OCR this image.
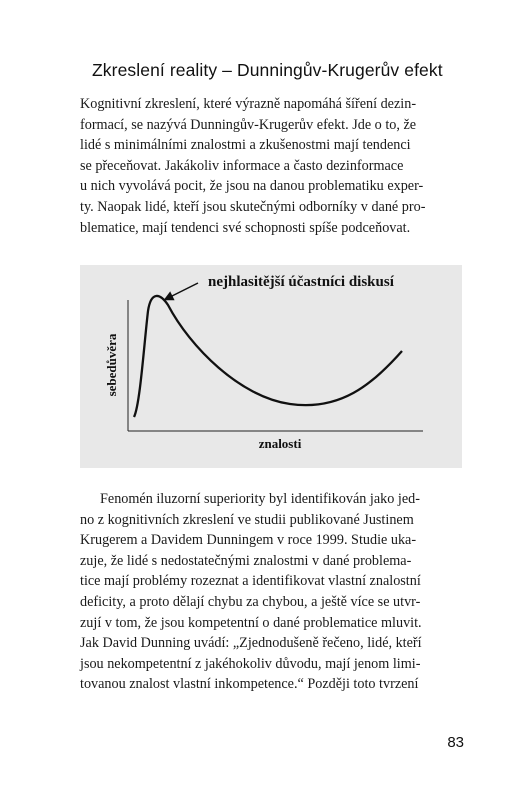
Zkreslení reality – Dunningův-Krugerův efekt

Kognitivní zkreslení, které výrazně napomáhá šíření dezin-
formací, se nazývá Dunningův-Krugerův efekt. Jde o to, že
lidé s minimálními znalostmi a zkušenostmi mají tendenci
se přeceňovat. Jakákoliv informace a často dezinformace
u nich vyvolává pocit, že jsou na danou problematiku exper-
ty. Naopak lidé, kteří jsou skutečnými odborníky v dané pro-
blematice, mají tendenci své schopnosti spíše podceňovat.

nejhlasitější účastníci diskusí
sebedůvěra
znalosti

Fenomén iluzorní superiority byl identifikován jako jed-
no z kognitivních zkreslení ve studii publikované Justinem
Krugerem a Davidem Dunningem v roce 1999. Studie uka-
zuje, že lidé s nedostatečnými znalostmi v dané problema-
tice mají problémy rozeznat a identifikovat vlastní znalostní
deficity, a proto dělají chybu za chybou, a ještě více se utvr-
zují v tom, že jsou kompetentní o dané problematice mluvit.
Jak David Dunning uvádí: „Zjednodušeně řečeno, lidé, kteří
jsou nekompetentní z jakéhokoliv důvodu, mají jenom limi-
tovanou znalost vlastní inkompetence.“ Později toto tvrzení

83
